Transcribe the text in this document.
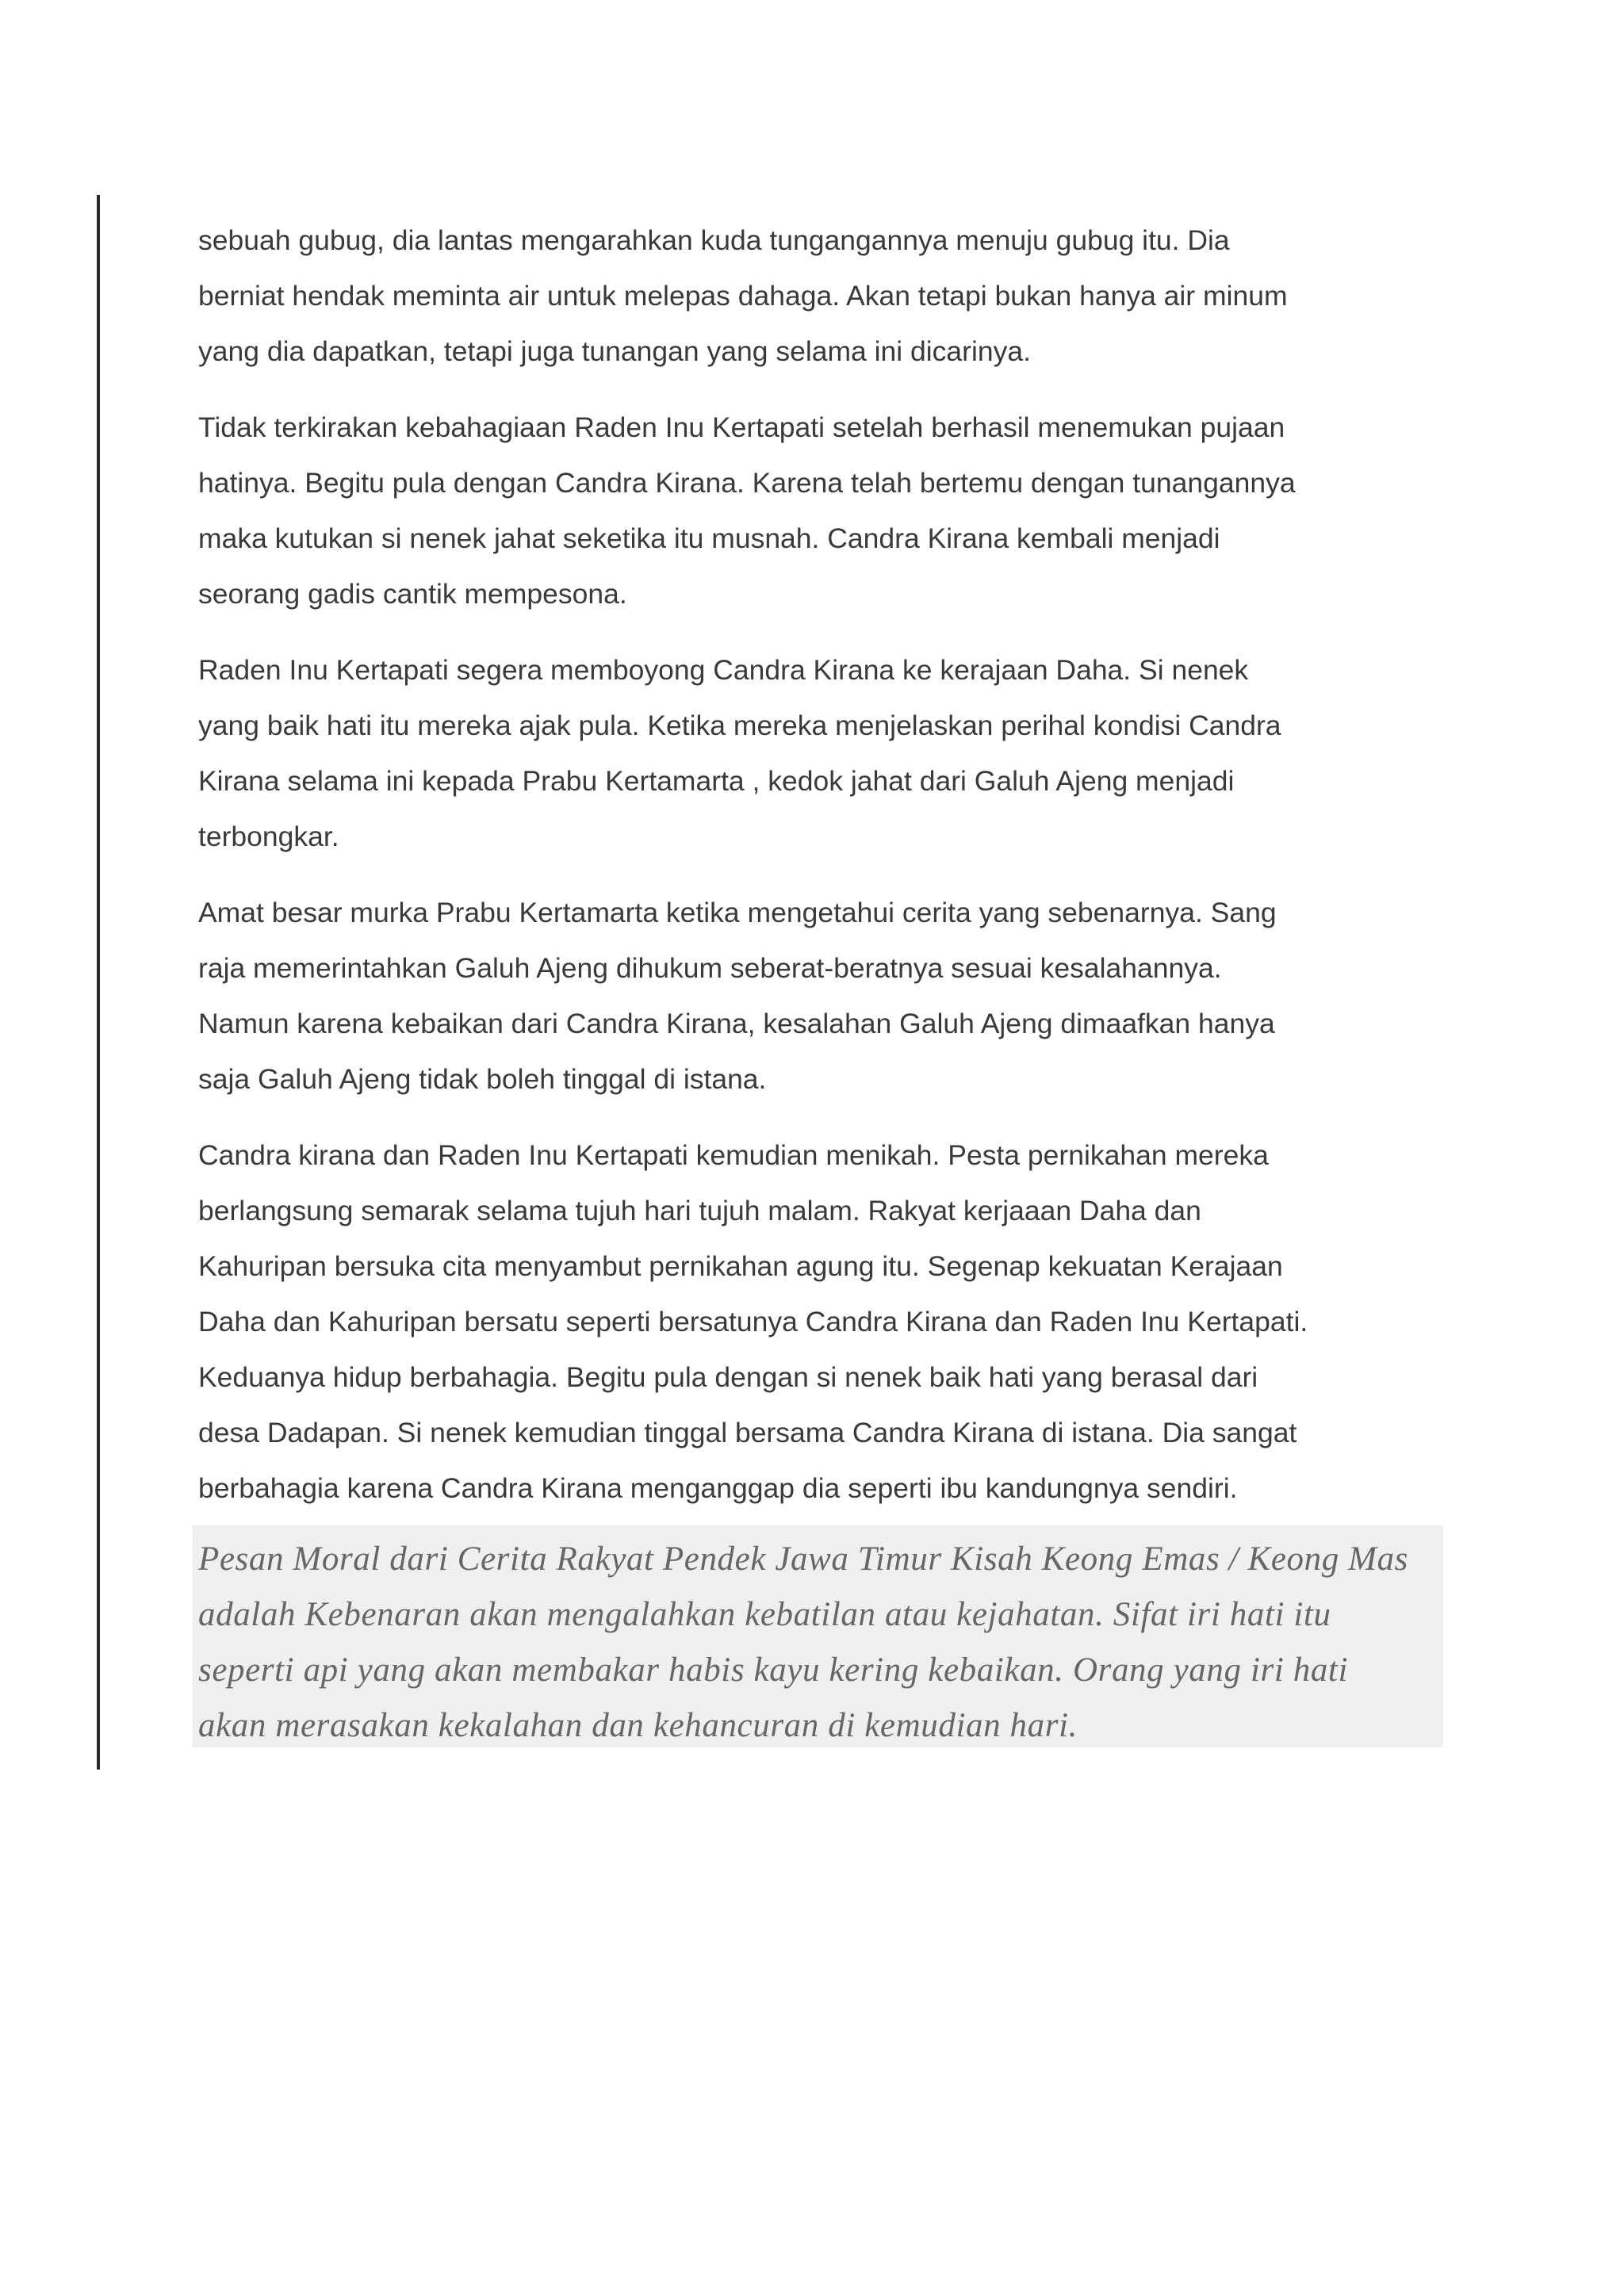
sebuah gubug, dia lantas mengarahkan kuda tungangannya menuju gubug itu. Dia
berniat hendak meminta air untuk melepas dahaga. Akan tetapi bukan hanya air minum
yang dia dapatkan, tetapi juga tunangan yang selama ini dicarinya.

Tidak terkirakan kebahagiaan Raden Inu Kertapati setelah berhasil menemukan pujaan
hatinya. Begitu pula dengan Candra Kirana. Karena telah bertemu dengan tunangannya
maka kutukan si nenek jahat seketika itu musnah. Candra Kirana kembali menjadi
seorang gadis cantik mempesona.

Raden Inu Kertapati segera memboyong Candra Kirana ke kerajaan Daha. Si nenek
yang baik hati itu mereka ajak pula. Ketika mereka menjelaskan perihal kondisi Candra
Kirana selama ini kepada Prabu Kertamarta , kedok jahat dari Galuh Ajeng menjadi
terbongkar.

Amat besar murka Prabu Kertamarta ketika mengetahui cerita yang sebenarnya. Sang
raja memerintahkan Galuh Ajeng dihukum seberat-beratnya sesuai kesalahannya.
Namun karena kebaikan dari Candra Kirana, kesalahan Galuh Ajeng dimaafkan hanya
saja Galuh Ajeng tidak boleh tinggal di istana.

Candra kirana dan Raden Inu Kertapati kemudian menikah. Pesta pernikahan mereka
berlangsung semarak selama tujuh hari tujuh malam. Rakyat kerjaaan Daha dan
Kahuripan bersuka cita menyambut pernikahan agung itu. Segenap kekuatan Kerajaan
Daha dan Kahuripan bersatu seperti bersatunya Candra Kirana dan Raden Inu Kertapati.
Keduanya hidup berbahagia. Begitu pula dengan si nenek baik hati yang berasal dari
desa Dadapan. Si nenek kemudian tinggal bersama Candra Kirana di istana. Dia sangat
berbahagia karena Candra Kirana menganggap dia seperti ibu kandungnya sendiri.

Pesan Moral dari Cerita Rakyat Pendek Jawa Timur Kisah Keong Emas / Keong Mas
adalah Kebenaran akan mengalahkan kebatilan atau kejahatan. Sifat iri hati itu
seperti api yang akan membakar habis kayu kering kebaikan. Orang yang iri hati
akan merasakan kekalahan dan kehancuran di kemudian hari.
